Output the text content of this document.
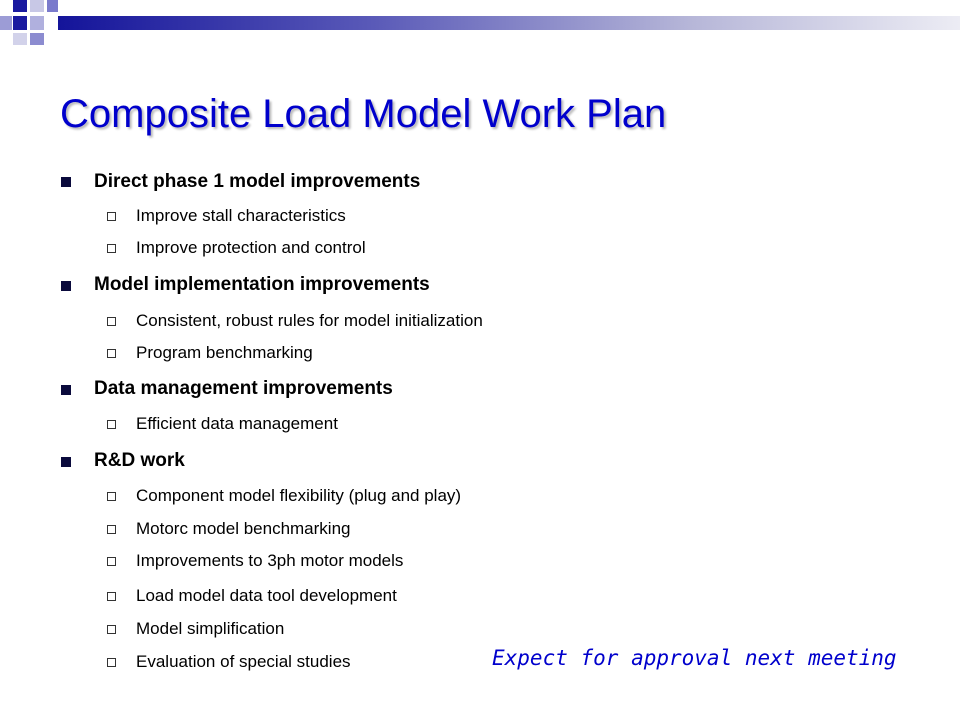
Composite Load Model Work Plan
Direct phase 1 model improvements
Improve stall characteristics
Improve protection and control
Model implementation improvements
Consistent, robust rules for model initialization
Program benchmarking
Data management improvements
Efficient data management
R&D work
Component model flexibility (plug and play)
Motorc model benchmarking
Improvements to 3ph motor models
Load model data tool development
Model simplification
Evaluation of special studies	Expect for approval next meeting
